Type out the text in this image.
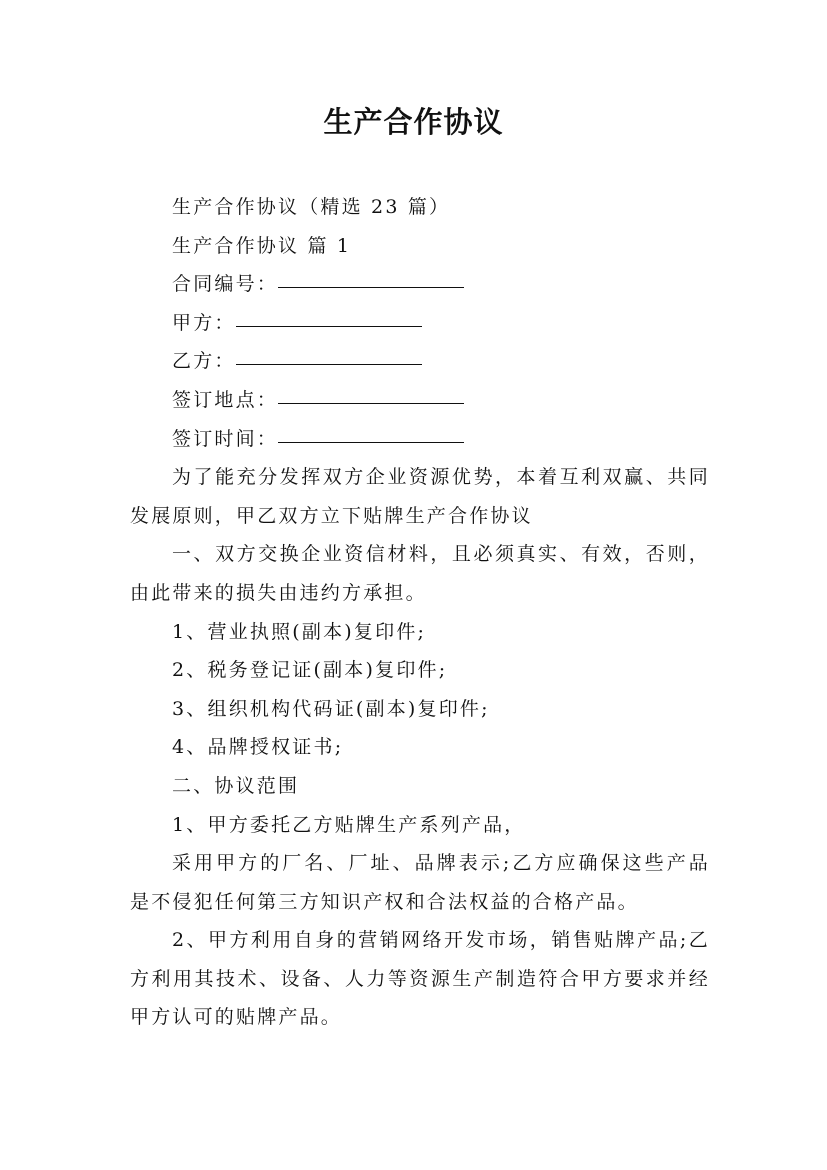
生产合作协议

生产合作协议（精选 23 篇）

生产合作协议 篇 1

合同编号：

甲方：

乙方：

签订地点：

签订时间：

为了能充分发挥双方企业资源优势，本着互利双赢、共同发展原则，甲乙双方立下贴牌生产合作协议

一、双方交换企业资信材料，且必须真实、有效，否则，由此带来的损失由违约方承担。

1、营业执照(副本)复印件;

2、税务登记证(副本)复印件;

3、组织机构代码证(副本)复印件;

4、品牌授权证书;

二、协议范围

1、甲方委托乙方贴牌生产系列产品，

采用甲方的厂名、厂址、品牌表示;乙方应确保这些产品是不侵犯任何第三方知识产权和合法权益的合格产品。

2、甲方利用自身的营销网络开发市场，销售贴牌产品;乙方利用其技术、设备、人力等资源生产制造符合甲方要求并经甲方认可的贴牌产品。
